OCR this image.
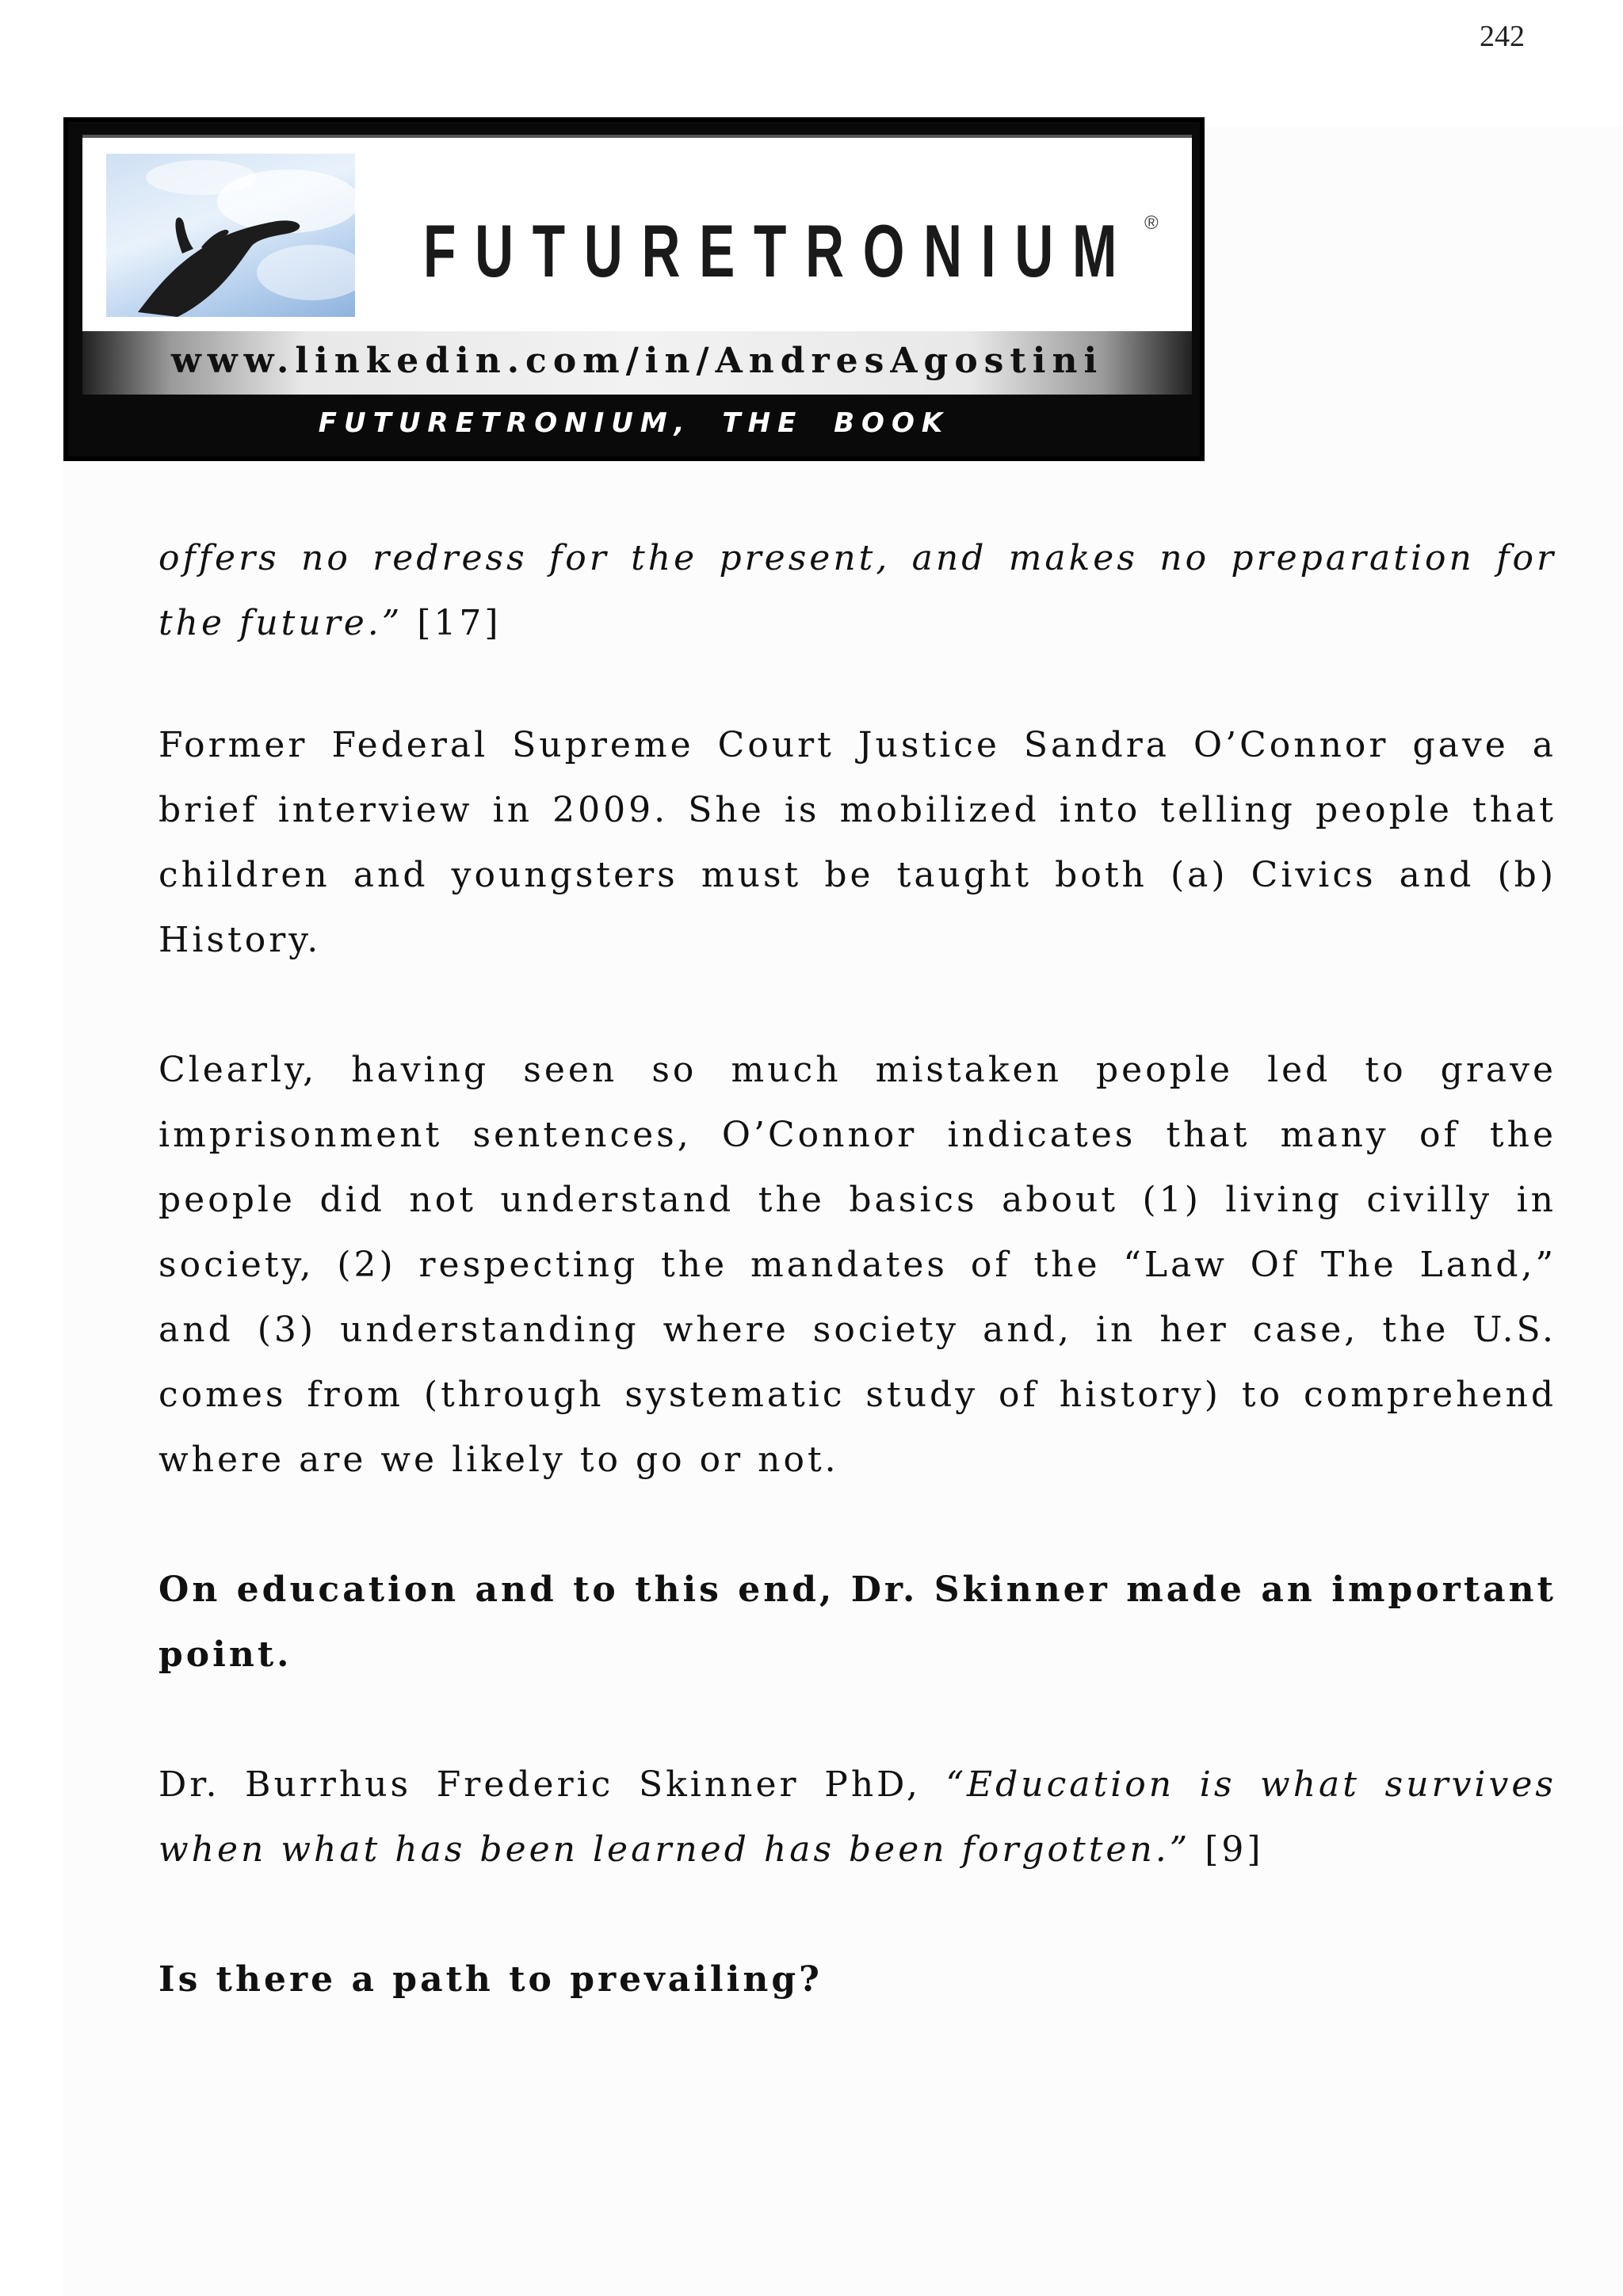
242
FUTURETRONIUM ®
www.linkedin.com/in/AndresAgostini
FUTURETRONIUM, THE BOOK
offers no redress for the present, and makes no preparation for the future.” [17]
Former Federal Supreme Court Justice Sandra O’Connor gave a brief interview in 2009. She is mobilized into telling people that children and youngsters must be taught both (a) Civics and (b) History.
Clearly, having seen so much mistaken people led to grave imprisonment sentences, O’Connor indicates that many of the people did not understand the basics about (1) living civilly in society, (2) respecting the mandates of the “Law Of The Land,” and (3) understanding where society and, in her case, the U.S. comes from (through systematic study of history) to comprehend where are we likely to go or not.
On education and to this end, Dr. Skinner made an important point.
Dr. Burrhus Frederic Skinner PhD, “Education is what survives when what has been learned has been forgotten.” [9]
Is there a path to prevailing?
